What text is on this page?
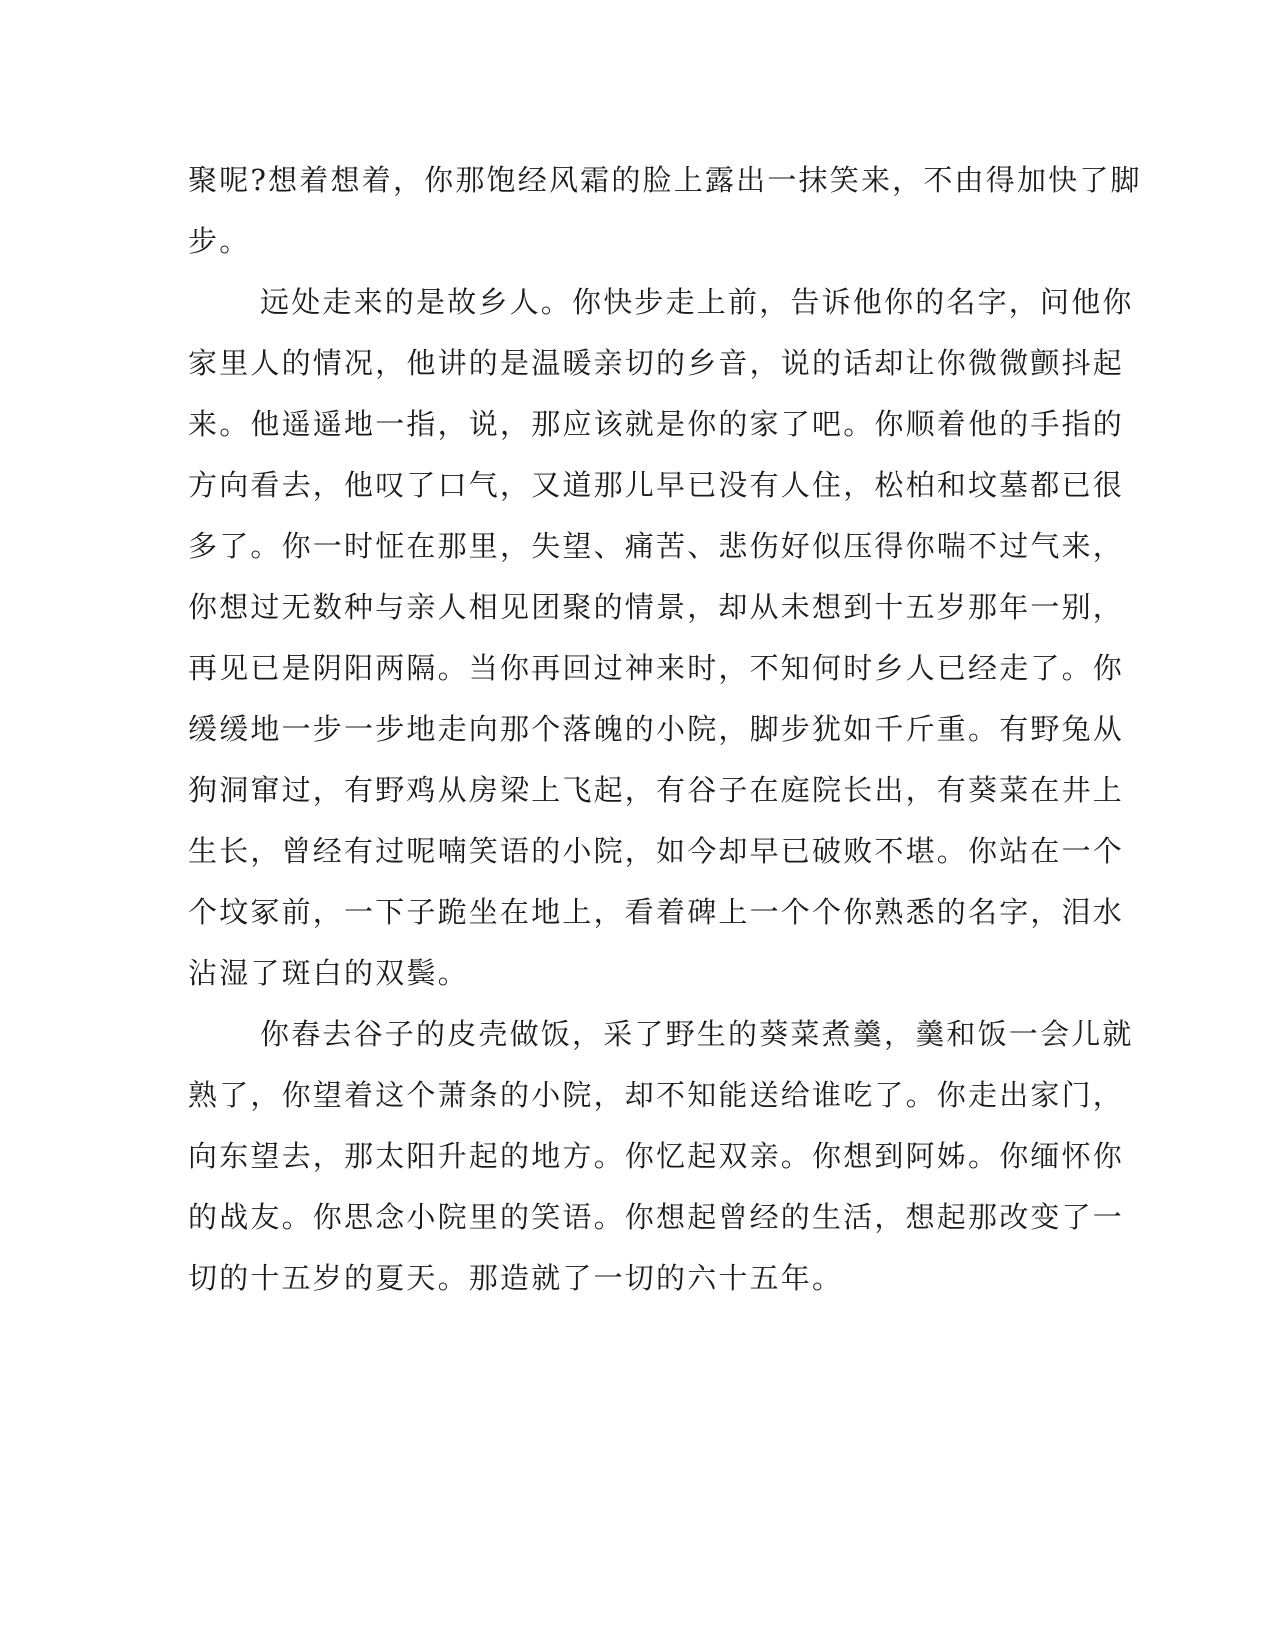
聚呢?想着想着，你那饱经风霜的脸上露出一抹笑来，不由得加快了脚
步。
远处走来的是故乡人。你快步走上前，告诉他你的名字，问他你
家里人的情况，他讲的是温暖亲切的乡音，说的话却让你微微颤抖起
来。他遥遥地一指，说，那应该就是你的家了吧。你顺着他的手指的
方向看去，他叹了口气，又道那儿早已没有人住，松柏和坟墓都已很
多了。你一时怔在那里，失望、痛苦、悲伤好似压得你喘不过气来，
你想过无数种与亲人相见团聚的情景，却从未想到十五岁那年一别，
再见已是阴阳两隔。当你再回过神来时，不知何时乡人已经走了。你
缓缓地一步一步地走向那个落魄的小院，脚步犹如千斤重。有野兔从
狗洞窜过，有野鸡从房梁上飞起，有谷子在庭院长出，有葵菜在井上
生长，曾经有过呢喃笑语的小院，如今却早已破败不堪。你站在一个
个坟冢前，一下子跪坐在地上，看着碑上一个个你熟悉的名字，泪水
沾湿了斑白的双鬓。
你舂去谷子的皮壳做饭，采了野生的葵菜煮羹，羹和饭一会儿就
熟了，你望着这个萧条的小院，却不知能送给谁吃了。你走出家门，
向东望去，那太阳升起的地方。你忆起双亲。你想到阿姊。你缅怀你
的战友。你思念小院里的笑语。你想起曾经的生活，想起那改变了一
切的十五岁的夏天。那造就了一切的六十五年。
